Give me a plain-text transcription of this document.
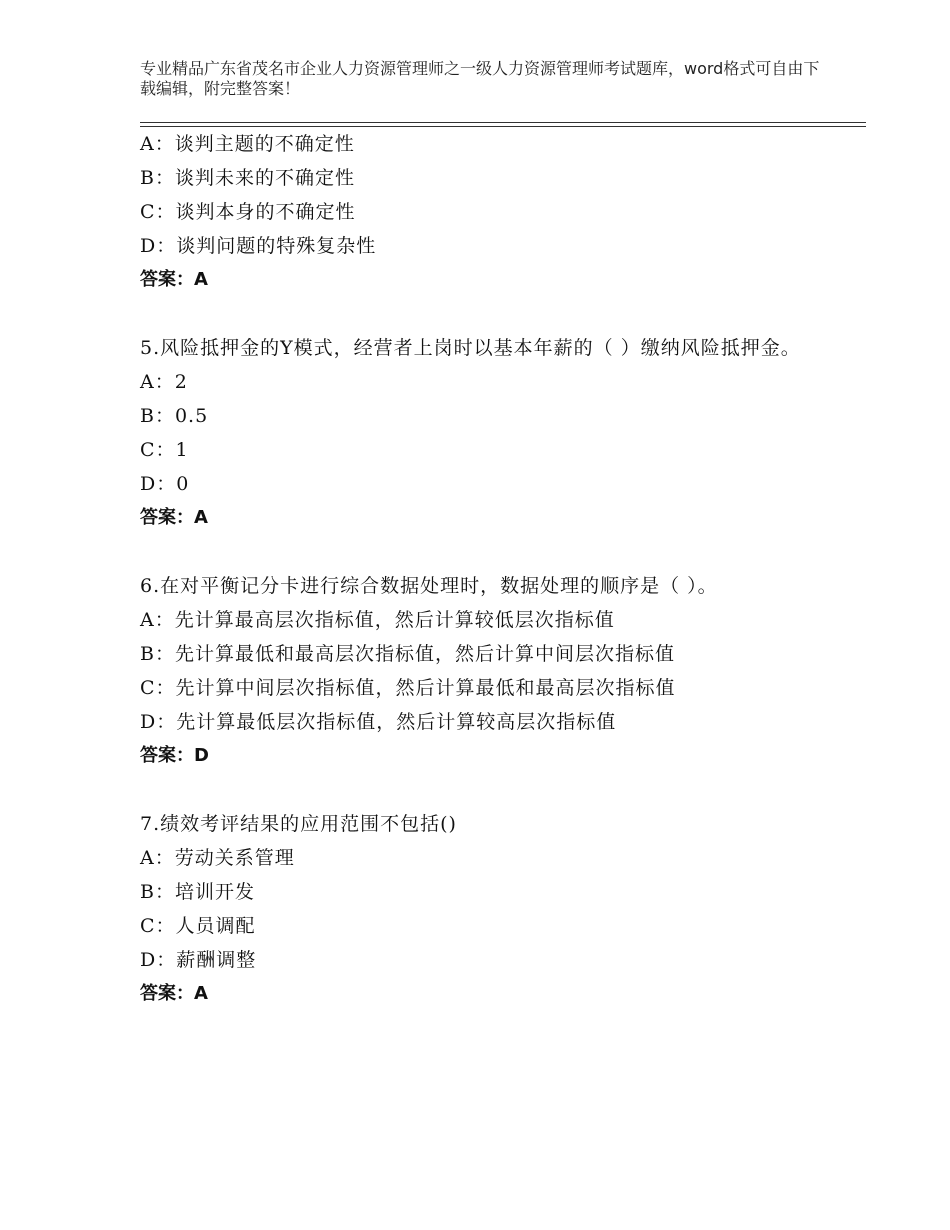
专业精品广东省茂名市企业人力资源管理师之一级人力资源管理师考试题库，word格式可自由下载编辑，附完整答案！
A：谈判主题的不确定性
B：谈判未来的不确定性
C：谈判本身的不确定性
D：谈判问题的特殊复杂性
答案：A
5.风险抵押金的Y模式，经营者上岗时以基本年薪的（ ）缴纳风险抵押金。
A：2
B：0.5
C：1
D：0
答案：A
6.在对平衡记分卡进行综合数据处理时，数据处理的顺序是（ ）。
A：先计算最高层次指标值，然后计算较低层次指标值
B：先计算最低和最高层次指标值，然后计算中间层次指标值
C：先计算中间层次指标值，然后计算最低和最高层次指标值
D：先计算最低层次指标值，然后计算较高层次指标值
答案：D
7.绩效考评结果的应用范围不包括()
A：劳动关系管理
B：培训开发
C：人员调配
D：薪酬调整
答案：A
